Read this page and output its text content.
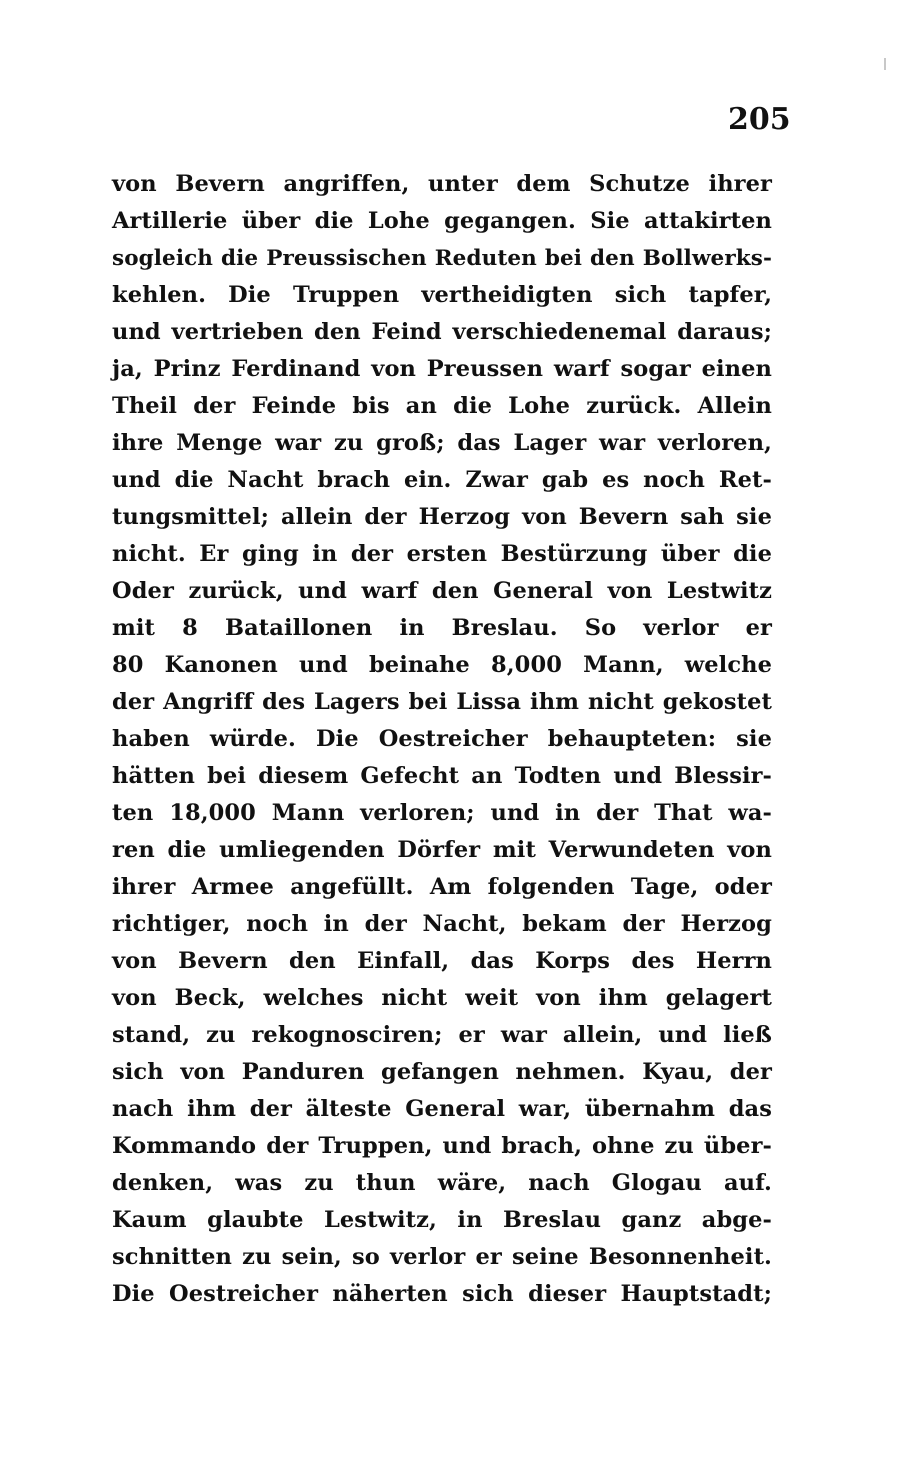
205
von Bevern angriffen, unter dem Schutze ihrer
Artillerie über die Lohe gegangen. Sie attakirten
sogleich die Preussischen Reduten bei den Bollwerks-
kehlen. Die Truppen vertheidigten sich tapfer,
und vertrieben den Feind verschiedenemal daraus;
ja, Prinz Ferdinand von Preussen warf sogar einen
Theil der Feinde bis an die Lohe zurück. Allein
ihre Menge war zu groß; das Lager war verloren,
und die Nacht brach ein. Zwar gab es noch Ret-
tungsmittel; allein der Herzog von Bevern sah sie
nicht. Er ging in der ersten Bestürzung über die
Oder zurück, und warf den General von Lestwitz
mit 8 Bataillonen in Breslau. So verlor er
80 Kanonen und beinahe 8,000 Mann, welche
der Angriff des Lagers bei Lissa ihm nicht gekostet
haben würde. Die Oestreicher behaupteten: sie
hätten bei diesem Gefecht an Todten und Blessir-
ten 18,000 Mann verloren; und in der That wa-
ren die umliegenden Dörfer mit Verwundeten von
ihrer Armee angefüllt. Am folgenden Tage, oder
richtiger, noch in der Nacht, bekam der Herzog
von Bevern den Einfall, das Korps des Herrn
von Beck, welches nicht weit von ihm gelagert
stand, zu rekognosciren; er war allein, und ließ
sich von Panduren gefangen nehmen. Kyau, der
nach ihm der älteste General war, übernahm das
Kommando der Truppen, und brach, ohne zu über-
denken, was zu thun wäre, nach Glogau auf.
Kaum glaubte Lestwitz, in Breslau ganz abge-
schnitten zu sein, so verlor er seine Besonnenheit.
Die Oestreicher näherten sich dieser Hauptstadt;
